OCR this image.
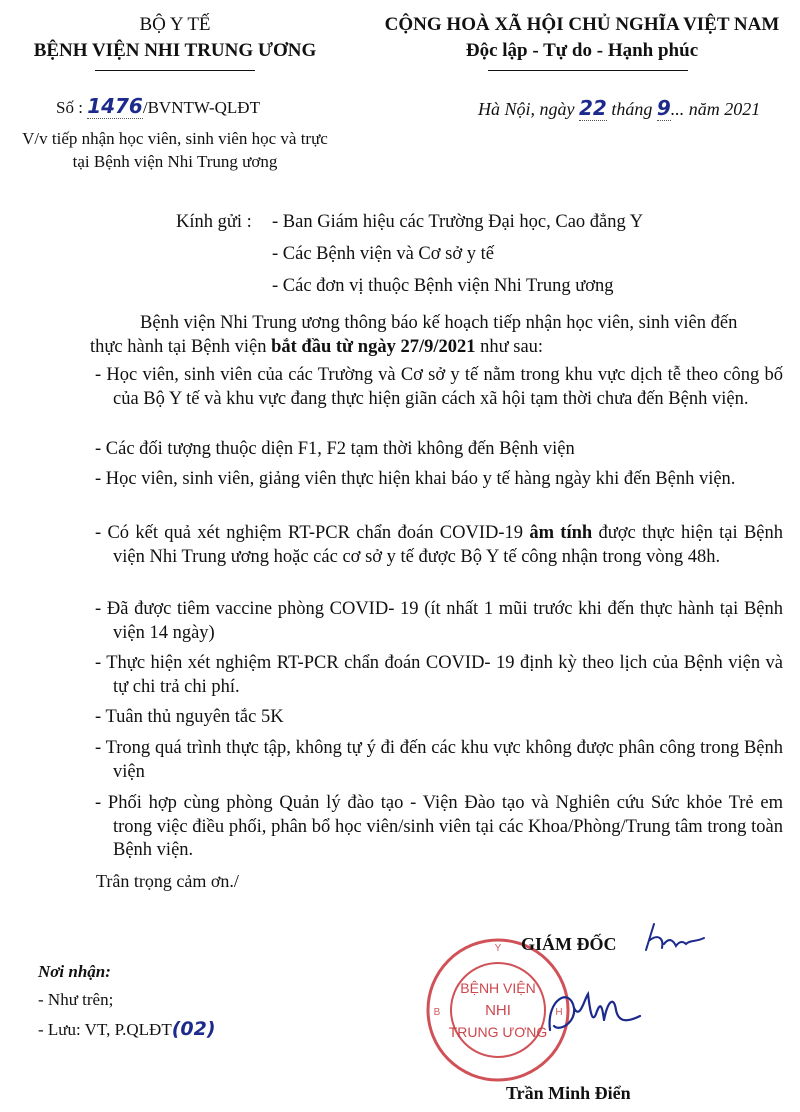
BỘ Y TẾ
BỆNH VIỆN NHI TRUNG ƯƠNG
Số : 1476/BVNTW-QLĐT
V/v tiếp nhận học viên, sinh viên học và trực
tại Bệnh viện Nhi Trung ương
CỘNG HOÀ XÃ HỘI CHỦ NGHĨA VIỆT NAM
Độc lập - Tự do - Hạnh phúc
Hà Nội, ngày 22 tháng 9... năm 2021
Kính gửi : - Ban Giám hiệu các Trường Đại học, Cao đẳng Y
- Các Bệnh viện và Cơ sở y tế
- Các đơn vị thuộc Bệnh viện Nhi Trung ương
Bệnh viện Nhi Trung ương thông báo kế hoạch tiếp nhận học viên, sinh viên đến
thực hành tại Bệnh viện bắt đầu từ ngày 27/9/2021 như sau:
- Học viên, sinh viên của các Trường và Cơ sở y tế nằm trong khu vực dịch tễ theo công bố của Bộ Y tế và khu vực đang thực hiện giãn cách xã hội tạm thời chưa đến Bệnh viện.
- Các đối tượng thuộc diện F1, F2 tạm thời không đến Bệnh viện
- Học viên, sinh viên, giảng viên thực hiện khai báo y tế hàng ngày khi đến Bệnh viện.
- Có kết quả xét nghiệm RT-PCR chẩn đoán COVID-19 âm tính được thực hiện tại Bệnh viện Nhi Trung ương hoặc các cơ sở y tế được Bộ Y tế công nhận trong vòng 48h.
- Đã được tiêm vaccine phòng COVID- 19 (ít nhất 1 mũi trước khi đến thực hành tại Bệnh viện 14 ngày)
- Thực hiện xét nghiệm RT-PCR chẩn đoán COVID- 19 định kỳ theo lịch của Bệnh viện và tự chi trả chi phí.
- Tuân thủ nguyên tắc 5K
- Trong quá trình thực tập, không tự ý đi đến các khu vực không được phân công trong Bệnh viện
- Phối hợp cùng phòng Quản lý đào tạo - Viện Đào tạo và Nghiên cứu Sức khỏe Trẻ em trong việc điều phối, phân bổ học viên/sinh viên tại các Khoa/Phòng/Trung tâm trong toàn Bệnh viện.
Trân trọng cảm ơn./
Nơi nhận:
- Như trên;
- Lưu: VT, P.QLĐT(02)
BỆNH VIỆN
NHI
TRUNG ƯƠNG
Y
B	H
GIÁM ĐỐC
Trần Minh Điển
